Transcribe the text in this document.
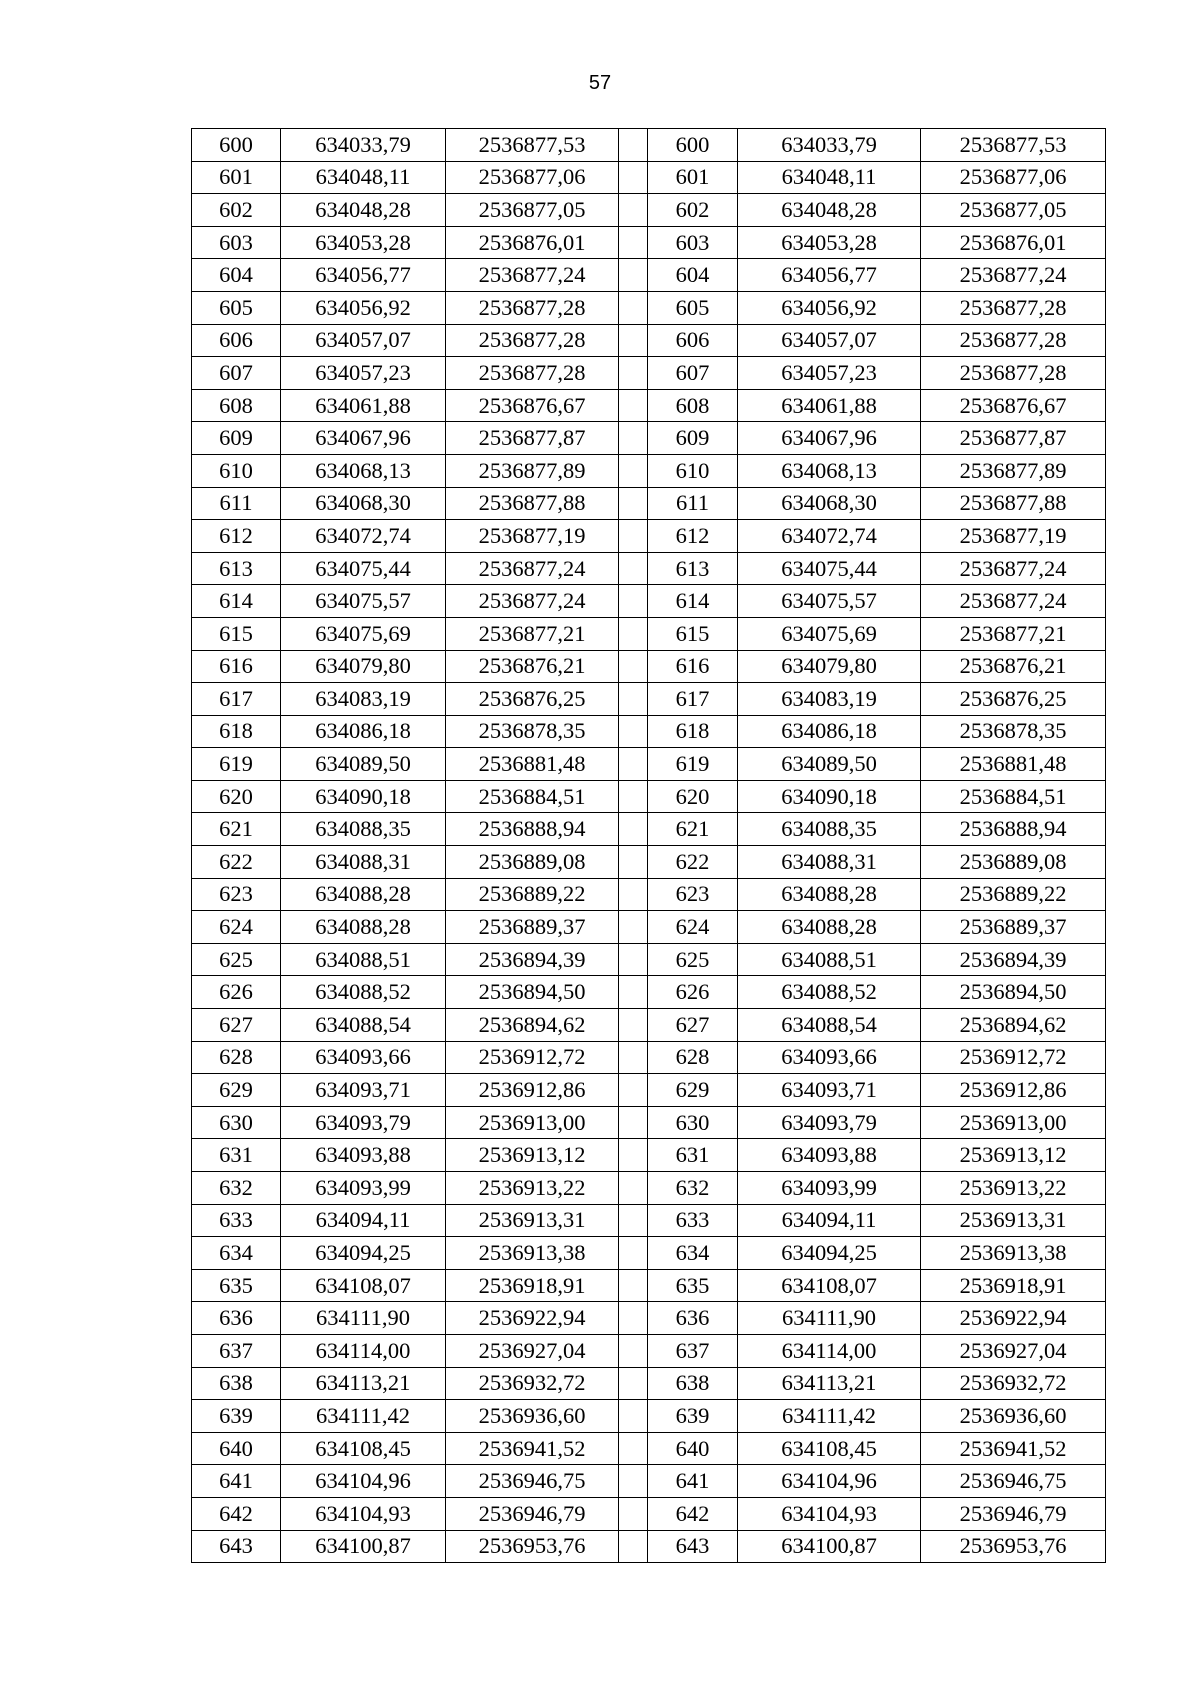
57
600	634033,79	2536877,53		600	634033,79	2536877,53
601	634048,11	2536877,06		601	634048,11	2536877,06
602	634048,28	2536877,05		602	634048,28	2536877,05
603	634053,28	2536876,01		603	634053,28	2536876,01
604	634056,77	2536877,24		604	634056,77	2536877,24
605	634056,92	2536877,28		605	634056,92	2536877,28
606	634057,07	2536877,28		606	634057,07	2536877,28
607	634057,23	2536877,28		607	634057,23	2536877,28
608	634061,88	2536876,67		608	634061,88	2536876,67
609	634067,96	2536877,87		609	634067,96	2536877,87
610	634068,13	2536877,89		610	634068,13	2536877,89
611	634068,30	2536877,88		611	634068,30	2536877,88
612	634072,74	2536877,19		612	634072,74	2536877,19
613	634075,44	2536877,24		613	634075,44	2536877,24
614	634075,57	2536877,24		614	634075,57	2536877,24
615	634075,69	2536877,21		615	634075,69	2536877,21
616	634079,80	2536876,21		616	634079,80	2536876,21
617	634083,19	2536876,25		617	634083,19	2536876,25
618	634086,18	2536878,35		618	634086,18	2536878,35
619	634089,50	2536881,48		619	634089,50	2536881,48
620	634090,18	2536884,51		620	634090,18	2536884,51
621	634088,35	2536888,94		621	634088,35	2536888,94
622	634088,31	2536889,08		622	634088,31	2536889,08
623	634088,28	2536889,22		623	634088,28	2536889,22
624	634088,28	2536889,37		624	634088,28	2536889,37
625	634088,51	2536894,39		625	634088,51	2536894,39
626	634088,52	2536894,50		626	634088,52	2536894,50
627	634088,54	2536894,62		627	634088,54	2536894,62
628	634093,66	2536912,72		628	634093,66	2536912,72
629	634093,71	2536912,86		629	634093,71	2536912,86
630	634093,79	2536913,00		630	634093,79	2536913,00
631	634093,88	2536913,12		631	634093,88	2536913,12
632	634093,99	2536913,22		632	634093,99	2536913,22
633	634094,11	2536913,31		633	634094,11	2536913,31
634	634094,25	2536913,38		634	634094,25	2536913,38
635	634108,07	2536918,91		635	634108,07	2536918,91
636	634111,90	2536922,94		636	634111,90	2536922,94
637	634114,00	2536927,04		637	634114,00	2536927,04
638	634113,21	2536932,72		638	634113,21	2536932,72
639	634111,42	2536936,60		639	634111,42	2536936,60
640	634108,45	2536941,52		640	634108,45	2536941,52
641	634104,96	2536946,75		641	634104,96	2536946,75
642	634104,93	2536946,79		642	634104,93	2536946,79
643	634100,87	2536953,76		643	634100,87	2536953,76
